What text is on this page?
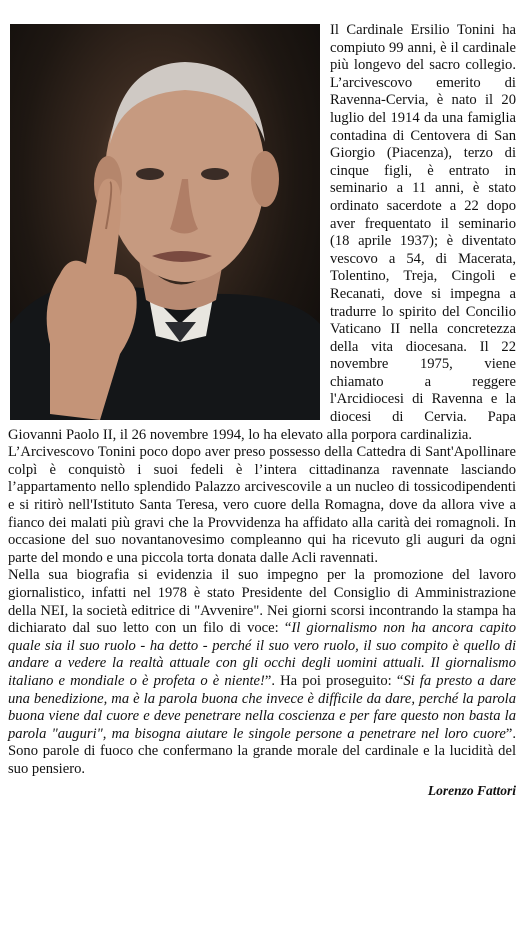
Il Cardinale Ersilio Tonini ha compiuto 99 anni, è il cardinale più longevo del sacro collegio. L’arcivescovo emerito di Ravenna-Cervia, è nato il 20 luglio del 1914 da una famiglia contadina di Centovera di San Giorgio (Piacenza), terzo di cinque figli, è entrato in seminario a 11 anni, è stato ordinato sacerdote a 22 dopo aver frequentato il seminario (18 aprile 1937); è diventato vescovo a 54, di Macerata, Tolentino, Treja, Cingoli e Recanati, dove si impegna a tradurre lo spirito del Concilio Vaticano II nella concretezza della vita diocesana. Il 22 novembre 1975, viene chiamato a reggere l'Arcidiocesi di Ravenna e la diocesi di Cervia. Papa Giovanni Paolo II, il 26 novembre 1994, lo ha elevato alla porpora cardinalizia.

L’Arcivescovo Tonini poco dopo aver preso possesso della Cattedra di Sant'Apollinare colpì è conquistò i suoi fedeli è l’intera cittadinanza ravennate lasciando l’appartamento nello splendido Palazzo arcivescovile a un nucleo di tossicodipendenti e si ritirò nell'Istituto Santa Teresa, vero cuore della Romagna, dove da allora vive a fianco dei malati più gravi che la Provvidenza ha affidato alla carità dei romagnoli. In occasione del suo novantanovesimo compleanno qui ha ricevuto gli auguri da ogni parte del mondo e una piccola torta donata dalle Acli ravennati.

Nella sua biografia si evidenzia il suo impegno per la promozione del lavoro giornalistico, infatti nel 1978 è stato Presidente del Consiglio di Amministrazione della NEI, la società editrice di "Avvenire". Nei giorni scorsi incontrando la stampa ha dichiarato dal suo letto con un filo di voce: “Il giornalismo non ha ancora capito quale sia il suo ruolo - ha detto - perché il suo vero ruolo, il suo compito è quello di andare a vedere la realtà attuale con gli occhi degli uomini attuali. Il giornalismo italiano e mondiale o è profeta o è niente!”. Ha poi proseguito: “Si fa presto a dare una benedizione, ma è la parola buona che invece è difficile da dare, perché la parola buona viene dal cuore e deve penetrare nella coscienza e per fare questo non basta la parola "auguri", ma bisogna aiutare le singole persone a penetrare nel loro cuore”. Sono parole di fuoco che confermano la grande morale del cardinale e la lucidità del suo pensiero.

Lorenzo Fattori
